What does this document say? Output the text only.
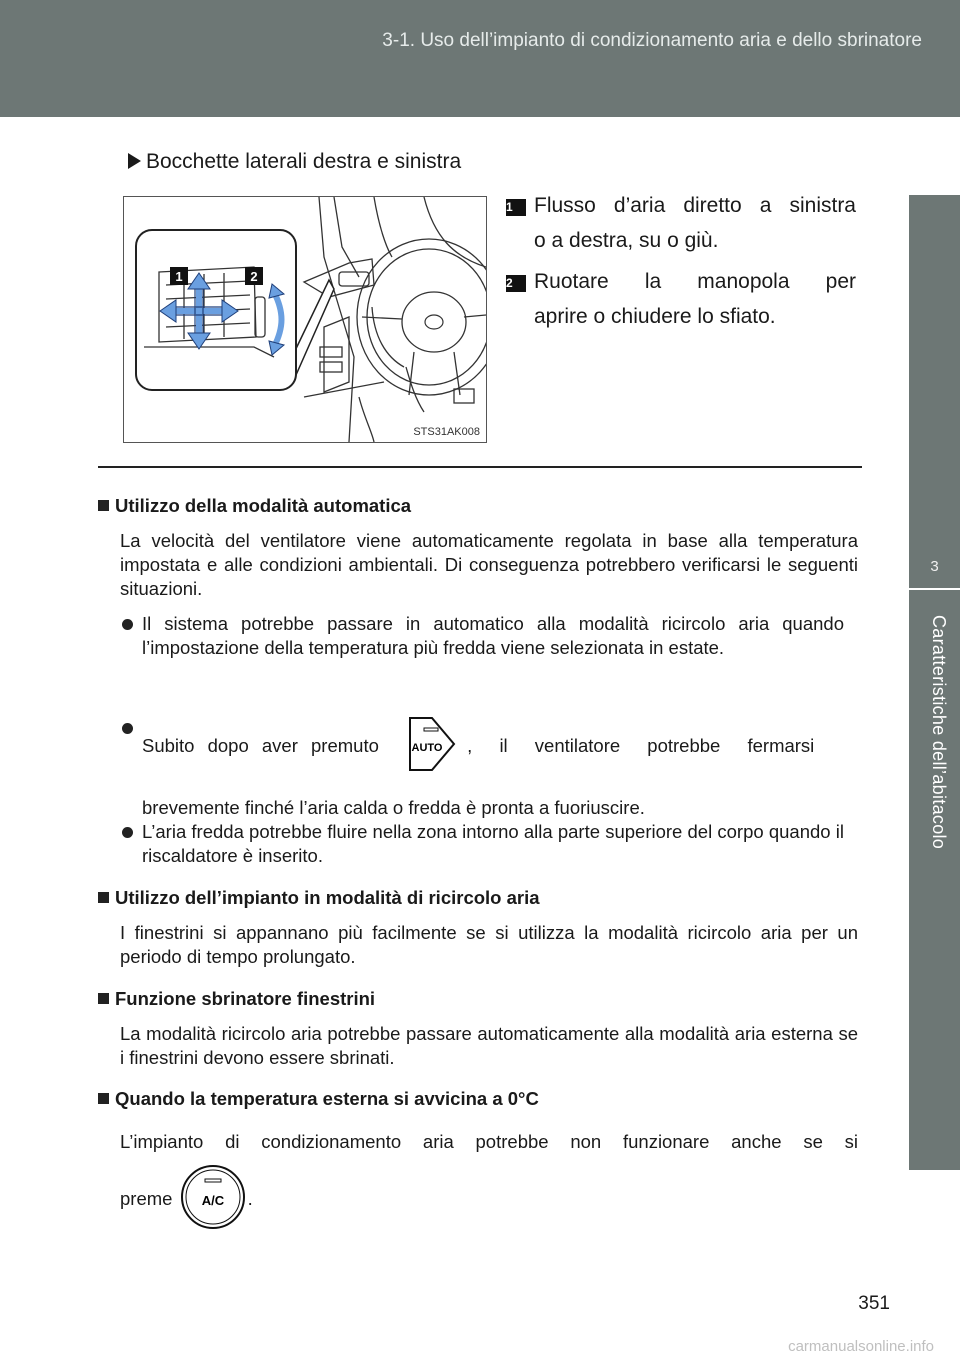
3-1. Uso dell’impianto di condizionamento aria e dello sbrinatore
3
Caratteristiche dell’abitacolo
Bocchette laterali destra e sinistra
1	2
STS31AK008
1	Flusso d’aria diretto a sinistra
o a destra, su o giù.
2	Ruotare la manopola per
aprire o chiudere lo sfiato.
Utilizzo della modalità automatica
La velocità del ventilatore viene automaticamente regolata in base alla temperatura impostata e alle condizioni ambientali. Di conseguenza potrebbero verificarsi le seguenti situazioni.
Il sistema potrebbe passare in automatico alla modalità ricircolo aria quando l’impostazione della temperatura più fredda viene selezionata in estate.
Subito dopo aver premuto	AUTO , il ventilatore potrebbe fermarsi
brevemente finché l’aria calda o fredda è pronta a fuoriuscire.
L’aria fredda potrebbe fluire nella zona intorno alla parte superiore del corpo quando il riscaldatore è inserito.
Utilizzo dell’impianto in modalità di ricircolo aria
I finestrini si appannano più facilmente se si utilizza la modalità ricircolo aria per un periodo di tempo prolungato.
Funzione sbrinatore finestrini
La modalità ricircolo aria potrebbe passare automaticamente alla modalità aria esterna se i finestrini devono essere sbrinati.
Quando la temperatura esterna si avvicina a 0°C
L’impianto di condizionamento aria potrebbe non funzionare anche se si
preme A/C .
351
carmanualsonline.info
